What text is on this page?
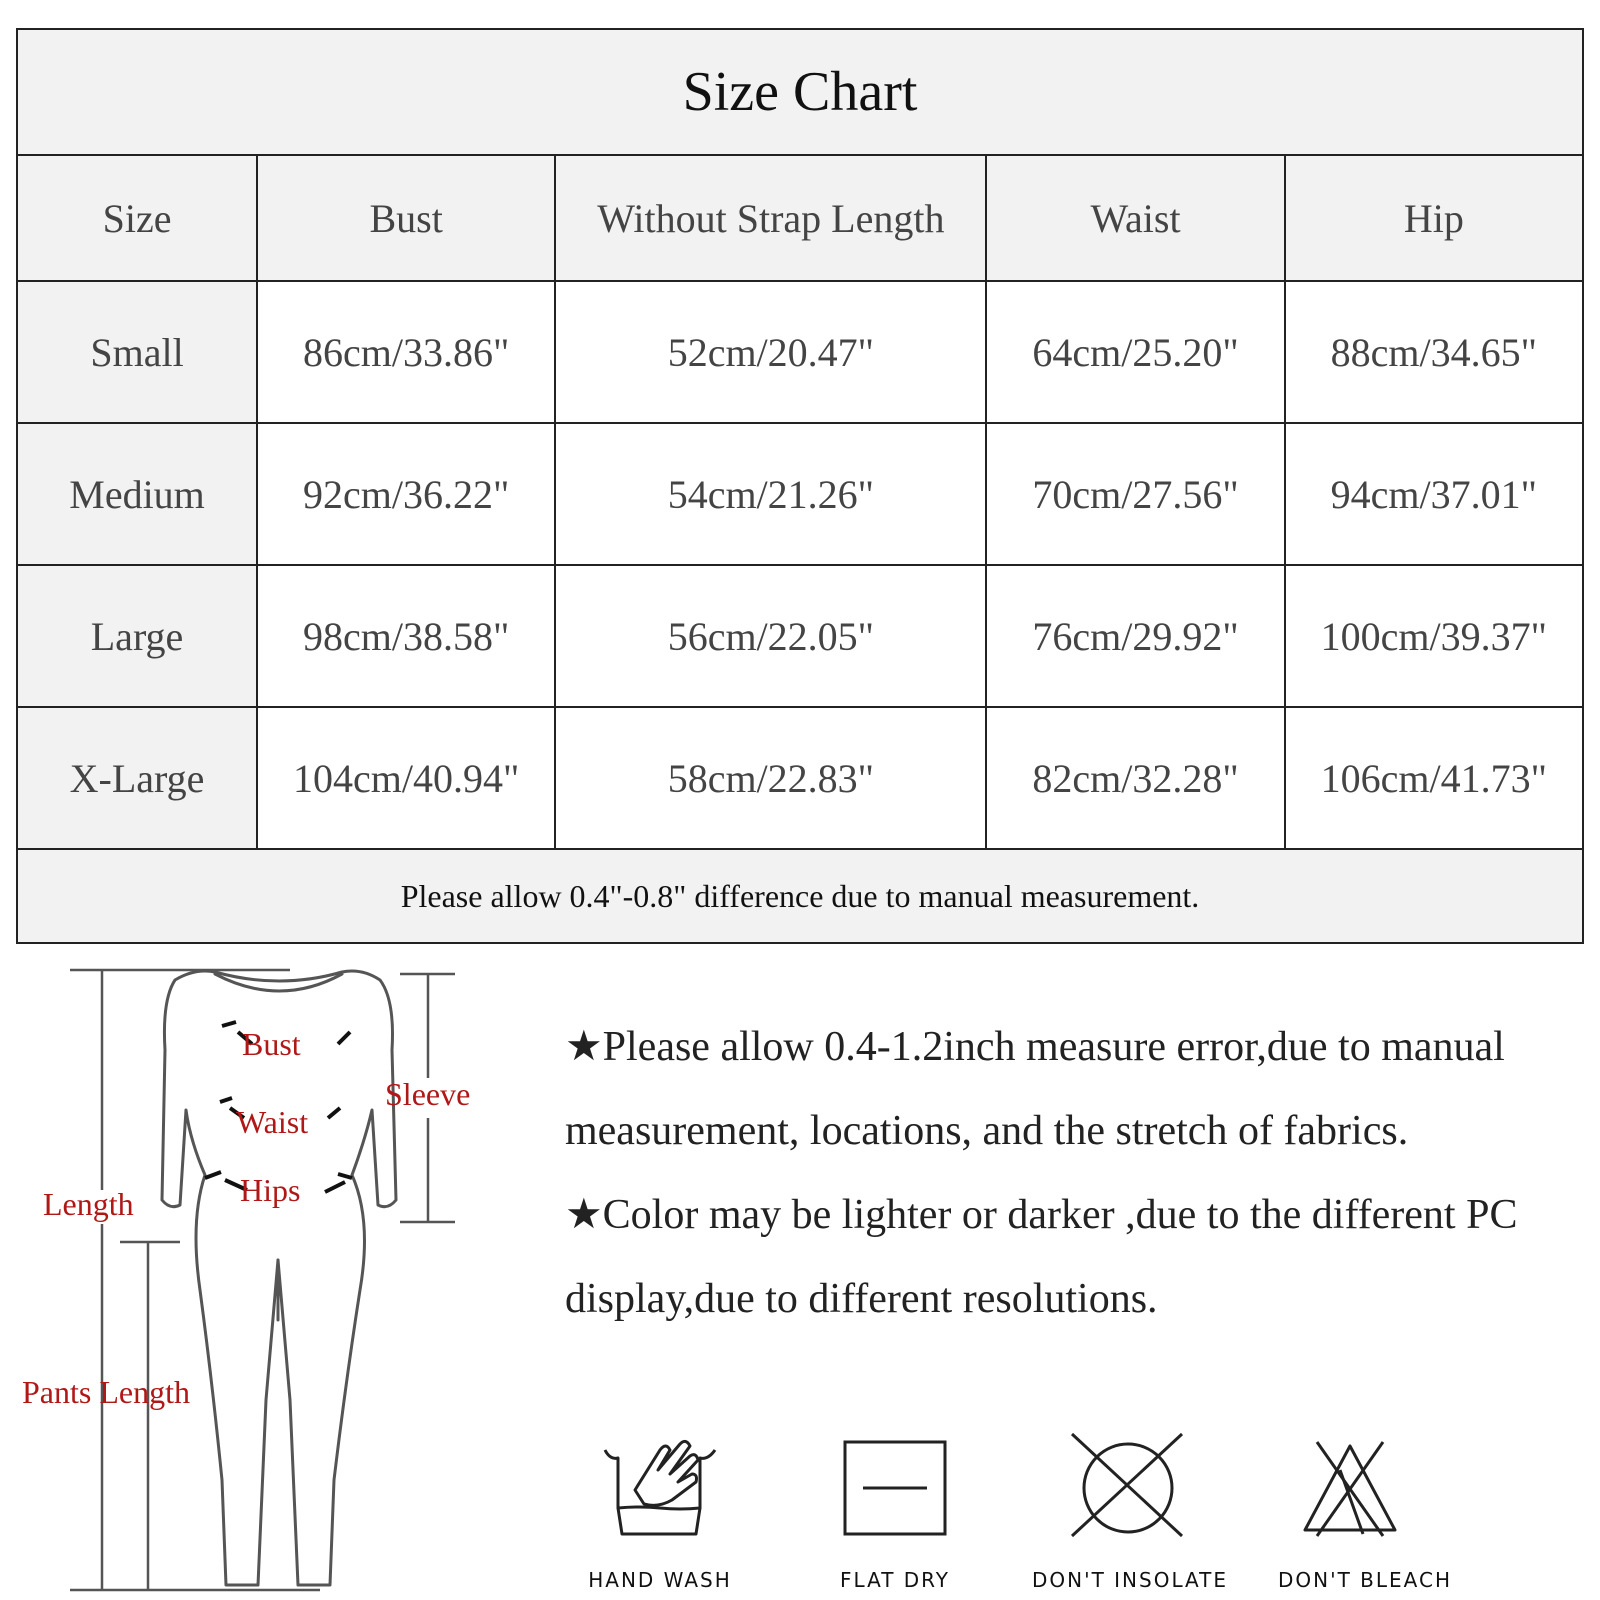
Size Chart				
Size	Bust	Without Strap Length	Waist	Hip
Small	86cm/33.86"	52cm/20.47"	64cm/25.20"	88cm/34.65"
Medium	92cm/36.22"	54cm/21.26"	70cm/27.56"	94cm/37.01"
Large	98cm/38.58"	56cm/22.05"	76cm/29.92"	100cm/39.37"
X-Large	104cm/40.94"	58cm/22.83"	82cm/32.28"	106cm/41.73"
Please allow 0.4"-0.8" difference due to manual measurement.				
Bust
Waist
Hips
Sleeve
Length
Pants Length

★Please allow 0.4-1.2inch measure error,due to manual measurement, locations, and the stretch of fabrics.

★Color may be lighter or darker ,due to the different PC display,due to different resolutions.

HAND WASH	FLAT DRY	DON'T INSOLATE	DON'T BLEACH
